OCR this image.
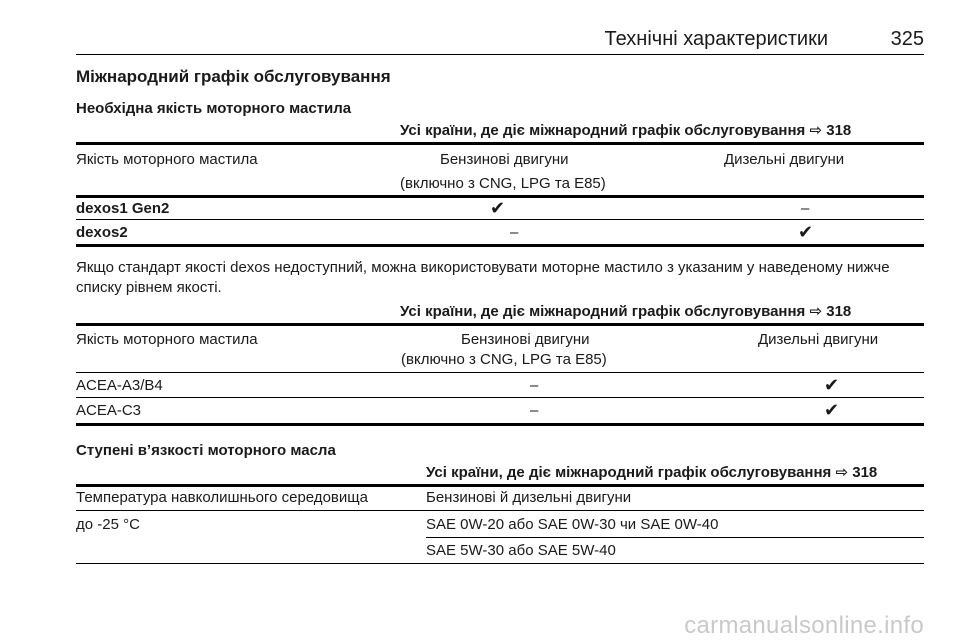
Технічні характеристики	325
Міжнародний графік обслуговування
Необхідна якість моторного мастила
Усі країни, де діє міжнародний графік обслуговування ⇨ 318
Якість моторного мастила	Бензинові двигуни	Дизельні двигуни
(включно з CNG, LPG та E85)
dexos1 Gen2	✔	–
dexos2	–	✔
Якщо стандарт якості dexos недоступний, можна використовувати моторне мастило з указаним у наведеному нижче списку рівнем якості.
Усі країни, де діє міжнародний графік обслуговування ⇨ 318
Якість моторного мастила	Бензинові двигуни	Дизельні двигуни
(включно з CNG, LPG та E85)
ACEA-A3/B4	–	✔
ACEA-C3	–	✔
Ступені в’язкості моторного масла
Усі країни, де діє міжнародний графік обслуговування ⇨ 318
Температура навколишнього середовища	Бензинові й дизельні двигуни
до -25 °C	SAE 0W-20 або SAE 0W-30 чи SAE 0W-40
SAE 5W-30 або SAE 5W-40
carmanualsonline.info
